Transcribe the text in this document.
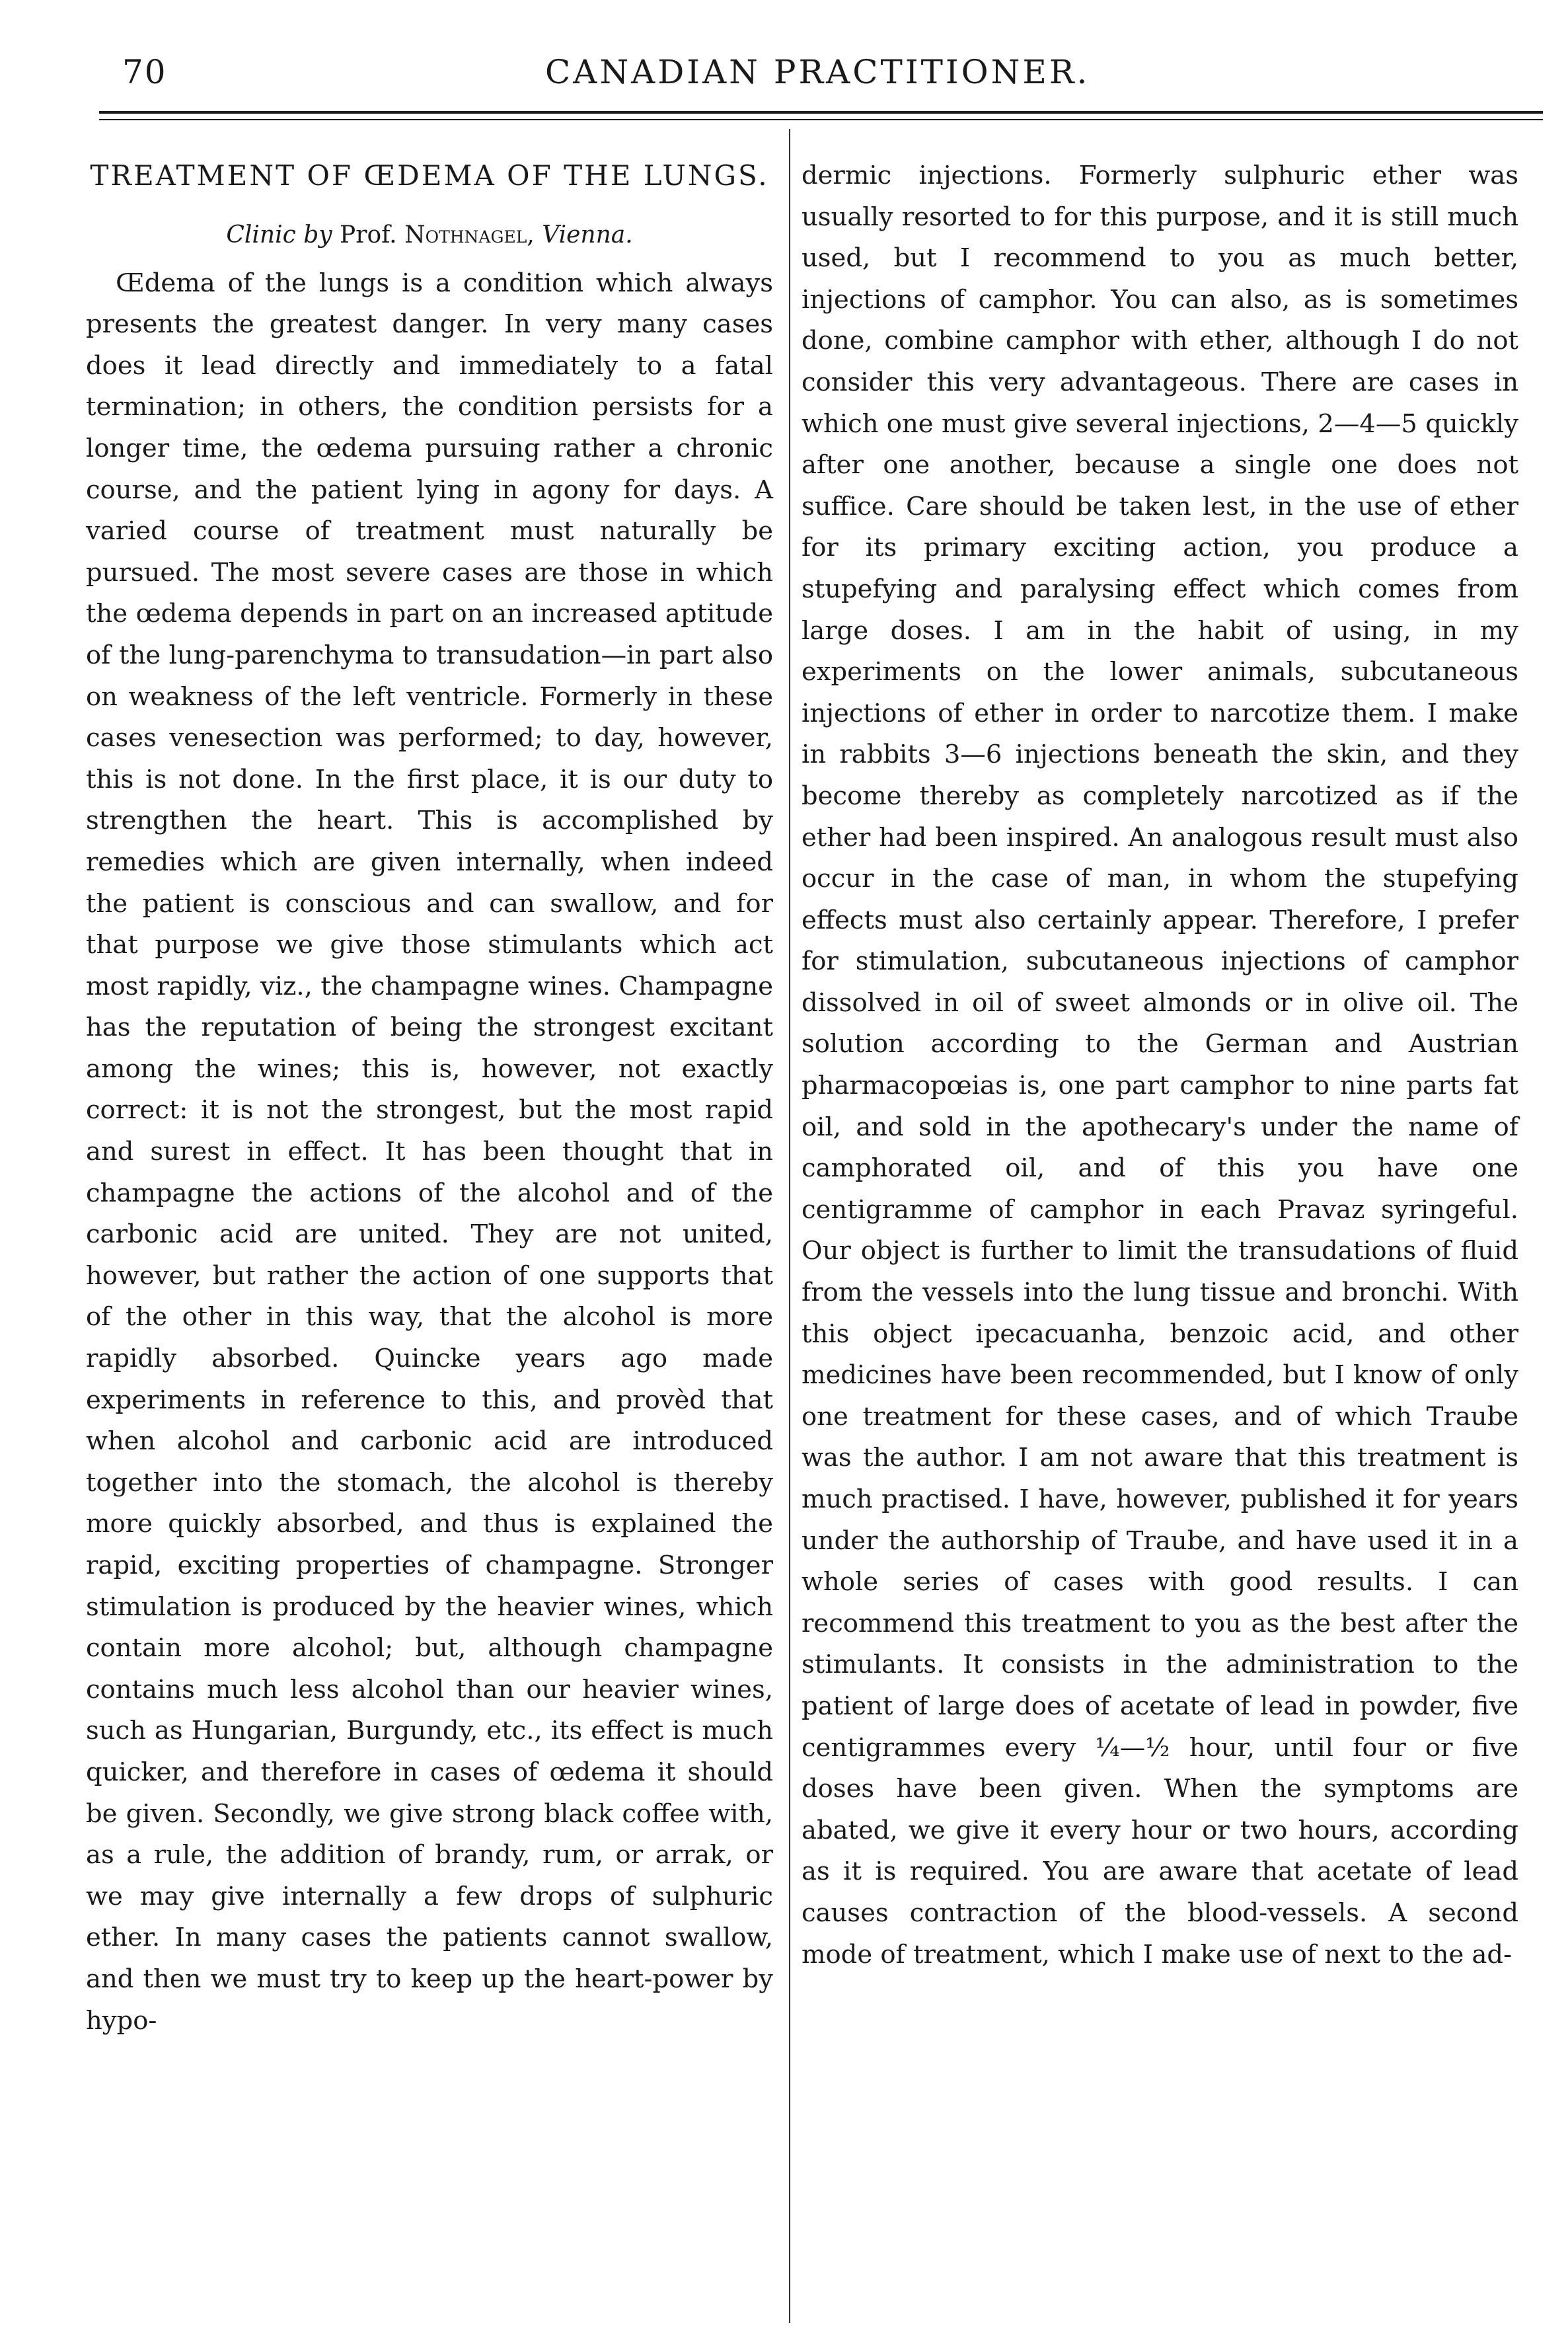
70	CANADIAN PRACTITIONER.
TREATMENT OF ŒDEMA OF THE LUNGS.
Clinic by Prof. Nothnagel, Vienna.

Œdema of the lungs is a condition which always presents the greatest danger. In very many cases does it lead directly and immediately to a fatal termination; in others, the condition persists for a longer time, the œdema pursuing rather a chronic course, and the patient lying in agony for days. A varied course of treatment must naturally be pursued. The most severe cases are those in which the œdema depends in part on an increased aptitude of the lung-parenchyma to transudation—in part also on weakness of the left ventricle. Formerly in these cases venesection was performed; to day, however, this is not done. In the first place, it is our duty to strengthen the heart. This is accomplished by remedies which are given internally, when indeed the patient is conscious and can swallow, and for that purpose we give those stimulants which act most rapidly, viz., the champagne wines. Champagne has the reputation of being the strongest excitant among the wines; this is, however, not exactly correct: it is not the strongest, but the most rapid and surest in effect. It has been thought that in champagne the actions of the alcohol and of the carbonic acid are united. They are not united, however, but rather the action of one supports that of the other in this way, that the alcohol is more rapidly absorbed. Quincke years ago made experiments in reference to this, and provèd that when alcohol and carbonic acid are introduced together into the stomach, the alcohol is thereby more quickly absorbed, and thus is explained the rapid, exciting properties of champagne. Stronger stimulation is produced by the heavier wines, which contain more alcohol; but, although champagne contains much less alcohol than our heavier wines, such as Hungarian, Burgundy, etc., its effect is much quicker, and therefore in cases of œdema it should be given. Secondly, we give strong black coffee with, as a rule, the addition of brandy, rum, or arrak, or we may give internally a few drops of sulphuric ether. In many cases the patients cannot swallow, and then we must try to keep up the heart-power by hypo-

dermic injections. Formerly sulphuric ether was usually resorted to for this purpose, and it is still much used, but I recommend to you as much better, injections of camphor. You can also, as is sometimes done, combine camphor with ether, although I do not consider this very advantageous. There are cases in which one must give several injections, 2—4—5 quickly after one another, because a single one does not suffice. Care should be taken lest, in the use of ether for its primary exciting action, you produce a stupefying and paralysing effect which comes from large doses. I am in the habit of using, in my experiments on the lower animals, subcutaneous injections of ether in order to narcotize them. I make in rabbits 3—6 injections beneath the skin, and they become thereby as completely narcotized as if the ether had been inspired. An analogous result must also occur in the case of man, in whom the stupefying effects must also certainly appear. Therefore, I prefer for stimulation, subcutaneous injections of camphor dissolved in oil of sweet almonds or in olive oil. The solution according to the German and Austrian pharmacopœias is, one part camphor to nine parts fat oil, and sold in the apothecary's under the name of camphorated oil, and of this you have one centigramme of camphor in each Pravaz syringeful. Our object is further to limit the transudations of fluid from the vessels into the lung tissue and bronchi. With this object ipecacuanha, benzoic acid, and other medicines have been recommended, but I know of only one treatment for these cases, and of which Traube was the author. I am not aware that this treatment is much practised. I have, however, published it for years under the authorship of Traube, and have used it in a whole series of cases with good results. I can recommend this treatment to you as the best after the stimulants. It consists in the administration to the patient of large does of acetate of lead in powder, five centigrammes every ¼—½ hour, until four or five doses have been given. When the symptoms are abated, we give it every hour or two hours, according as it is required. You are aware that acetate of lead causes contraction of the blood-vessels. A second mode of treatment, which I make use of next to the ad-
